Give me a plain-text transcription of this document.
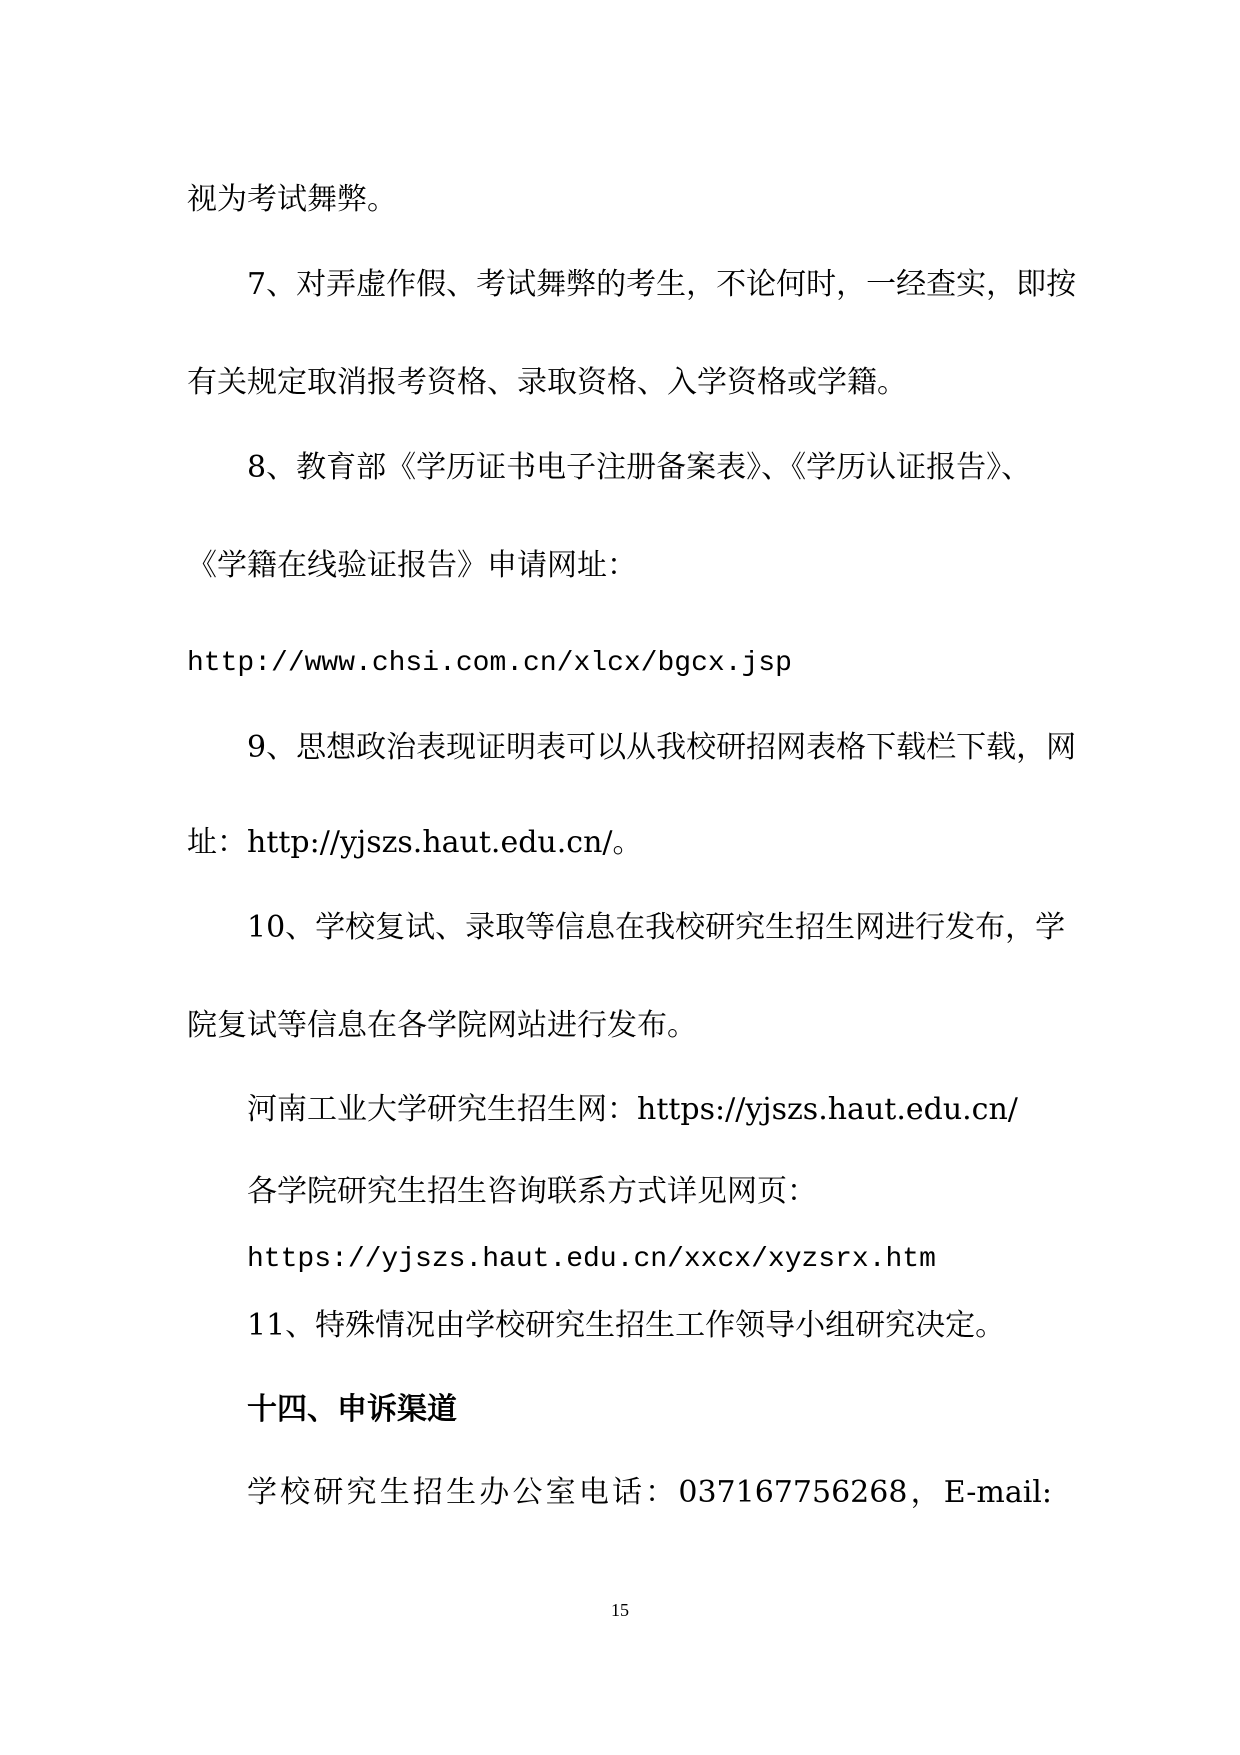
视为考试舞弊。

7、对弄虚作假、考试舞弊的考生，不论何时，一经查实，即按

有关规定取消报考资格、录取资格、入学资格或学籍。

8、教育部《学历证书电子注册备案表》、《学历认证报告》、

《学籍在线验证报告》申请网址：

http://www.chsi.com.cn/xlcx/bgcx.jsp

9、思想政治表现证明表可以从我校研招网表格下载栏下载，网

址：http://yjszs.haut.edu.cn/。

10、学校复试、录取等信息在我校研究生招生网进行发布，学

院复试等信息在各学院网站进行发布。

河南工业大学研究生招生网：https://yjszs.haut.edu.cn/

各学院研究生招生咨询联系方式详见网页：

https://yjszs.haut.edu.cn/xxcx/xyzsrx.htm

11、特殊情况由学校研究生招生工作领导小组研究决定。

十四、申诉渠道

学校研究生招生办公室电话：037167756268，E-mail:

15
